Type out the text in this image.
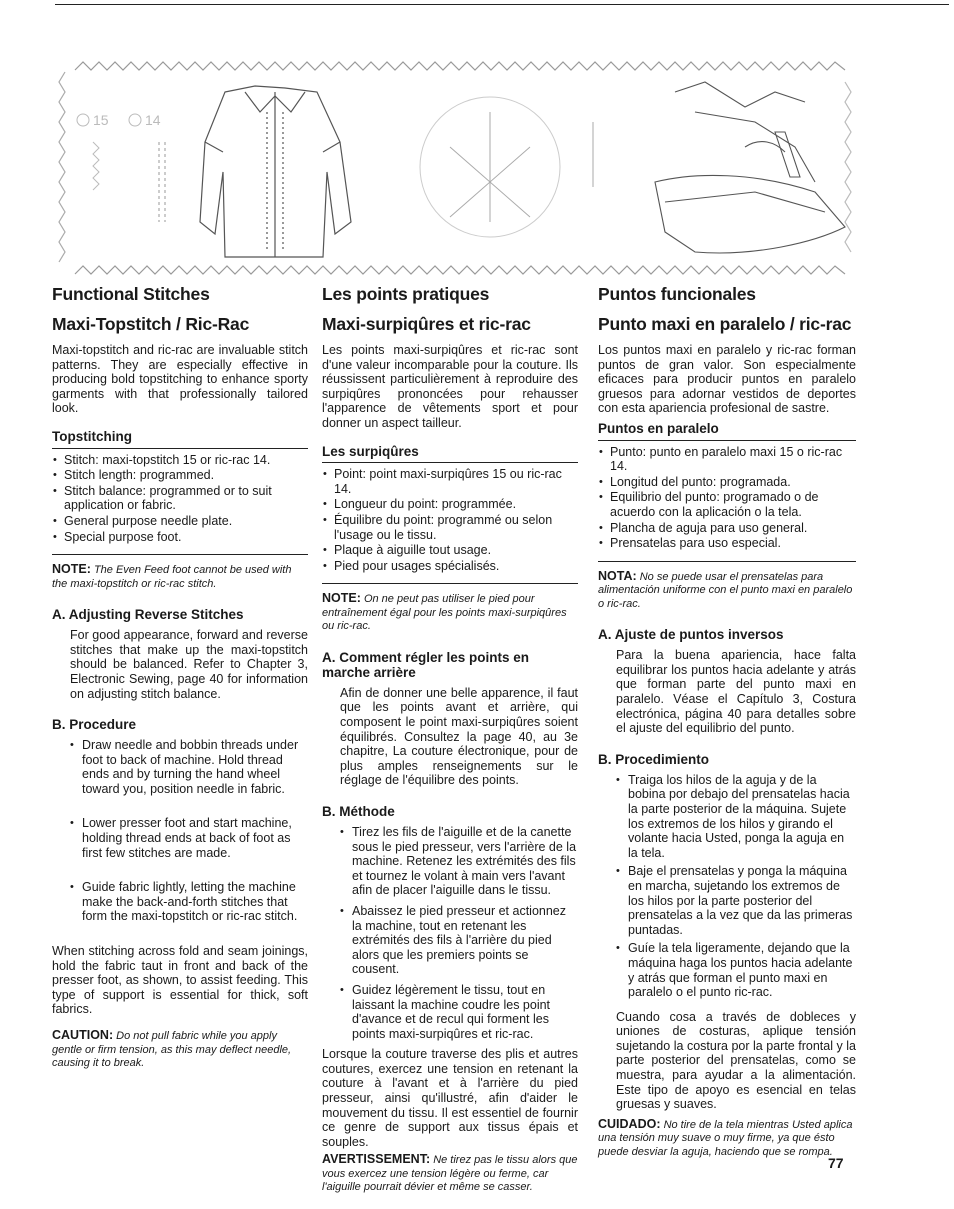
15	14
Functional Stitches
Maxi-Topstitch / Ric-Rac

Maxi-topstitch and ric-rac are invaluable stitch patterns. They are especially effective in producing bold topstitching to enhance sporty garments with that professionally tailored look.

Topstitching
• Stitch: maxi-topstitch 15 or ric-rac 14.
• Stitch length: programmed.
• Stitch balance: programmed or to suit application or fabric.
• General purpose needle plate.
• Special purpose foot.
NOTE: The Even Feed foot cannot be used with the maxi-topstitch or ric-rac stitch.
A. Adjusting Reverse Stitches

For good appearance, forward and reverse stitches that make up the maxi-topstitch should be balanced. Refer to Chapter 3, Electronic Sewing, page 40 for information on adjusting stitch balance.

B. Procedure
• Draw needle and bobbin threads under foot to back of machine. Hold thread ends and by turning the hand wheel toward you, position needle in fabric.
• Lower presser foot and start machine, holding thread ends at back of foot as first few stitches are made.
• Guide fabric lightly, letting the machine make the back-and-forth stitches that form the maxi-topstitch or ric-rac stitch.

When stitching across fold and seam joinings, hold the fabric taut in front and back of the presser foot, as shown, to assist feeding. This type of support is essential for thick, soft fabrics.

CAUTION: Do not pull fabric while you apply gentle or firm tension, as this may deflect needle, causing it to break.
Les points pratiques
Maxi-surpiqûres et ric-rac

Les points maxi-surpiqûres et ric-rac sont d'une valeur incomparable pour la couture. Ils réussissent particulièrement à reproduire des surpiqûres prononcées pour rehausser l'apparence de vêtements sport et pour donner un aspect tailleur.

Les surpiqûres
• Point: point maxi-surpiqûres 15 ou ric-rac 14.
• Longueur du point: programmée.
• Équilibre du point: programmé ou selon l'usage ou le tissu.
• Plaque à aiguille tout usage.
• Pied pour usages spécialisés.
NOTE: On ne peut pas utiliser le pied pour entraînement égal pour les points maxi-surpiqûres ou ric-rac.
A. Comment régler les points en marche arrière

Afin de donner une belle apparence, il faut que les points avant et arrière, qui composent le point maxi-surpiqûres soient équilibrés. Consultez la page 40, au 3e chapitre, La couture électronique, pour de plus amples renseignements sur le réglage de l'équilibre des points.

B. Méthode
• Tirez les fils de l'aiguille et de la canette sous le pied presseur, vers l'arrière de la machine. Retenez les extrémités des fils et tournez le volant à main vers l'avant afin de placer l'aiguille dans le tissu.
• Abaissez le pied presseur et actionnez la machine, tout en retenant les extrémités des fils à l'arrière du pied alors que les premiers points se cousent.
• Guidez légèrement le tissu, tout en laissant la machine coudre les point d'avance et de recul qui forment les points maxi-surpiqûres et ric-rac.

Lorsque la couture traverse des plis et autres coutures, exercez une tension en retenant la couture à l'avant et à l'arrière du pied presseur, ainsi qu'illustré, afin d'aider le mouvement du tissu. Il est essentiel de fournir ce genre de support aux tissus épais et souples.

AVERTISSEMENT: Ne tirez pas le tissu alors que vous exercez une tension légère ou ferme, car l'aiguille pourrait dévier et même se casser.
Puntos funcionales
Punto maxi en paralelo / ric-rac

Los puntos maxi en paralelo y ric-rac forman puntos de gran valor. Son especialmente eficaces para producir puntos en paralelo gruesos para adornar vestidos de deportes con esta apariencia profesional de sastre.

Puntos en paralelo
• Punto: punto en paralelo maxi 15 o ric-rac 14.
• Longitud del punto: programada.
• Equilibrio del punto: programado o de acuerdo con la aplicación o la tela.
• Plancha de aguja para uso general.
• Prensatelas para uso especial.
NOTA: No se puede usar el prensatelas para alimentación uniforme con el punto maxi en paralelo o ric-rac.
A. Ajuste de puntos inversos

Para la buena apariencia, hace falta equilibrar los puntos hacia adelante y atrás que forman parte del punto maxi en paralelo. Véase el Capítulo 3, Costura electrónica, página 40 para detalles sobre el ajuste del equilibrio del punto.

B. Procedimiento
• Traiga los hilos de la aguja y de la bobina por debajo del prensatelas hacia la parte posterior de la máquina. Sujete los extremos de los hilos y girando el volante hacia Usted, ponga la aguja en la tela.
• Baje el prensatelas y ponga la máquina en marcha, sujetando los extremos de los hilos por la parte posterior del prensatelas a la vez que da las primeras puntadas.
• Guíe la tela ligeramente, dejando que la máquina haga los puntos hacia adelante y atrás que forman el punto maxi en paralelo o el punto ric-rac.

Cuando cosa a través de dobleces y uniones de costuras, aplique tensión sujetando la costura por la parte frontal y la parte posterior del prensatelas, como se muestra, para ayudar a la alimentación. Este tipo de apoyo es esencial en telas gruesas y suaves.

CUIDADO: No tire de la tela mientras Usted aplica una tensión muy suave o muy firme, ya que ésto puede desviar la aguja, haciendo que se rompa.
77
